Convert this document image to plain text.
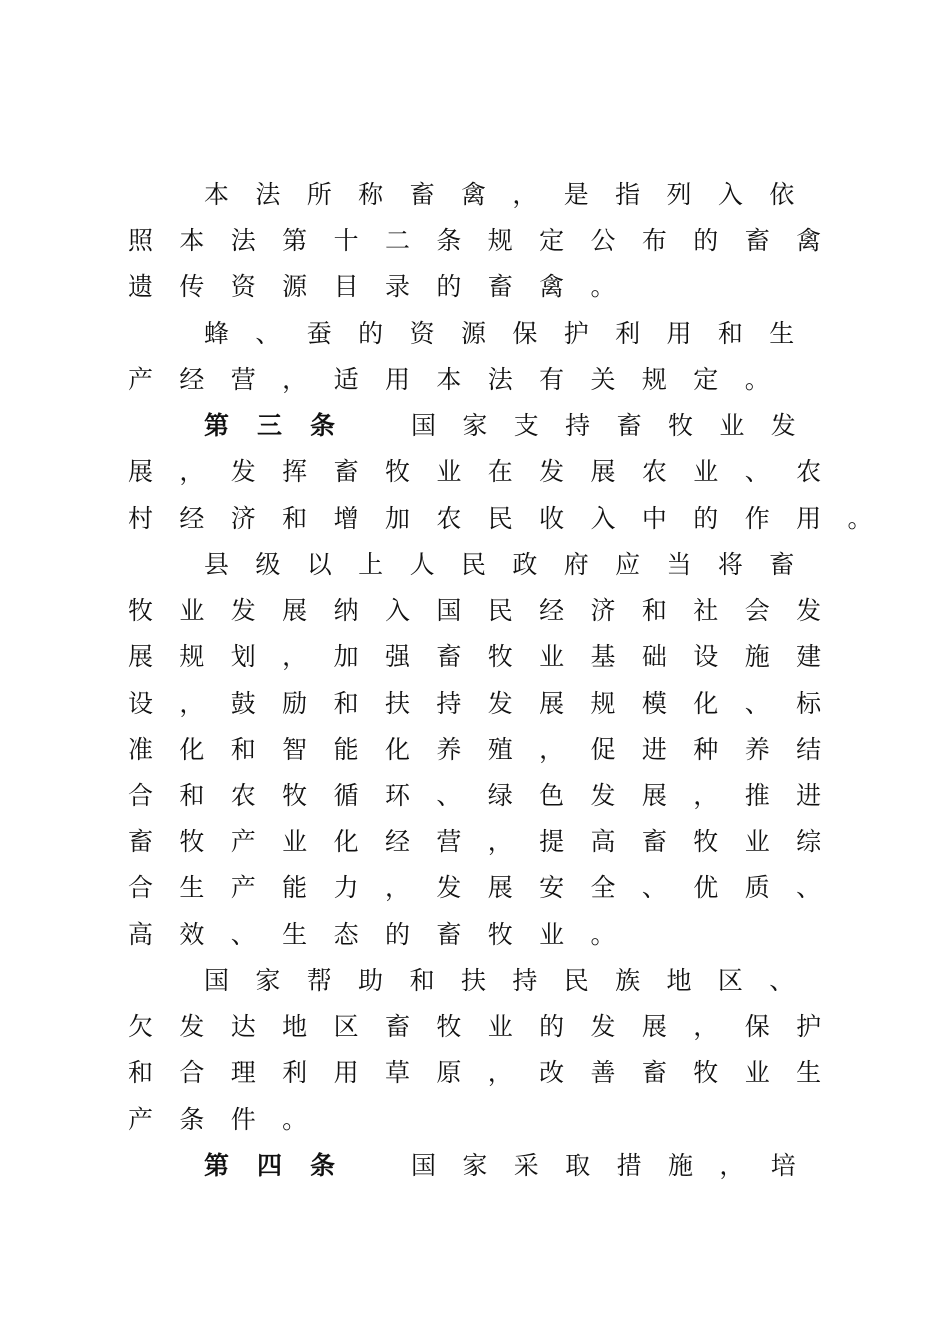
本 法 所 称 畜 禽 ， 是 指 列 入 依
照 本 法 第 十 二 条 规 定 公 布 的 畜 禽
遗 传 资 源 目 录 的 畜 禽 。
蜂 、 蚕 的 资 源 保 护 利 用 和 生
产 经 营 ， 适 用 本 法 有 关 规 定 。
第 三 条	国 家 支 持 畜 牧 业 发
展 ， 发 挥 畜 牧 业 在 发 展 农 业 、 农
村 经 济 和 增 加 农 民 收 入 中 的 作 用 。
县 级 以 上 人 民 政 府 应 当 将 畜
牧 业 发 展 纳 入 国 民 经 济 和 社 会 发
展 规 划 ， 加 强 畜 牧 业 基 础 设 施 建
设 ， 鼓 励 和 扶 持 发 展 规 模 化 、 标
准 化 和 智 能 化 养 殖 ， 促 进 种 养 结
合 和 农 牧 循 环 、 绿 色 发 展 ， 推 进
畜 牧 产 业 化 经 营 ， 提 高 畜 牧 业 综
合 生 产 能 力 ， 发 展 安 全 、 优 质 、
高 效 、 生 态 的 畜 牧 业 。
国 家 帮 助 和 扶 持 民 族 地 区 、
欠 发 达 地 区 畜 牧 业 的 发 展 ， 保 护
和 合 理 利 用 草 原 ， 改 善 畜 牧 业 生
产 条 件 。
第 四 条	国 家 采 取 措 施 ， 培
